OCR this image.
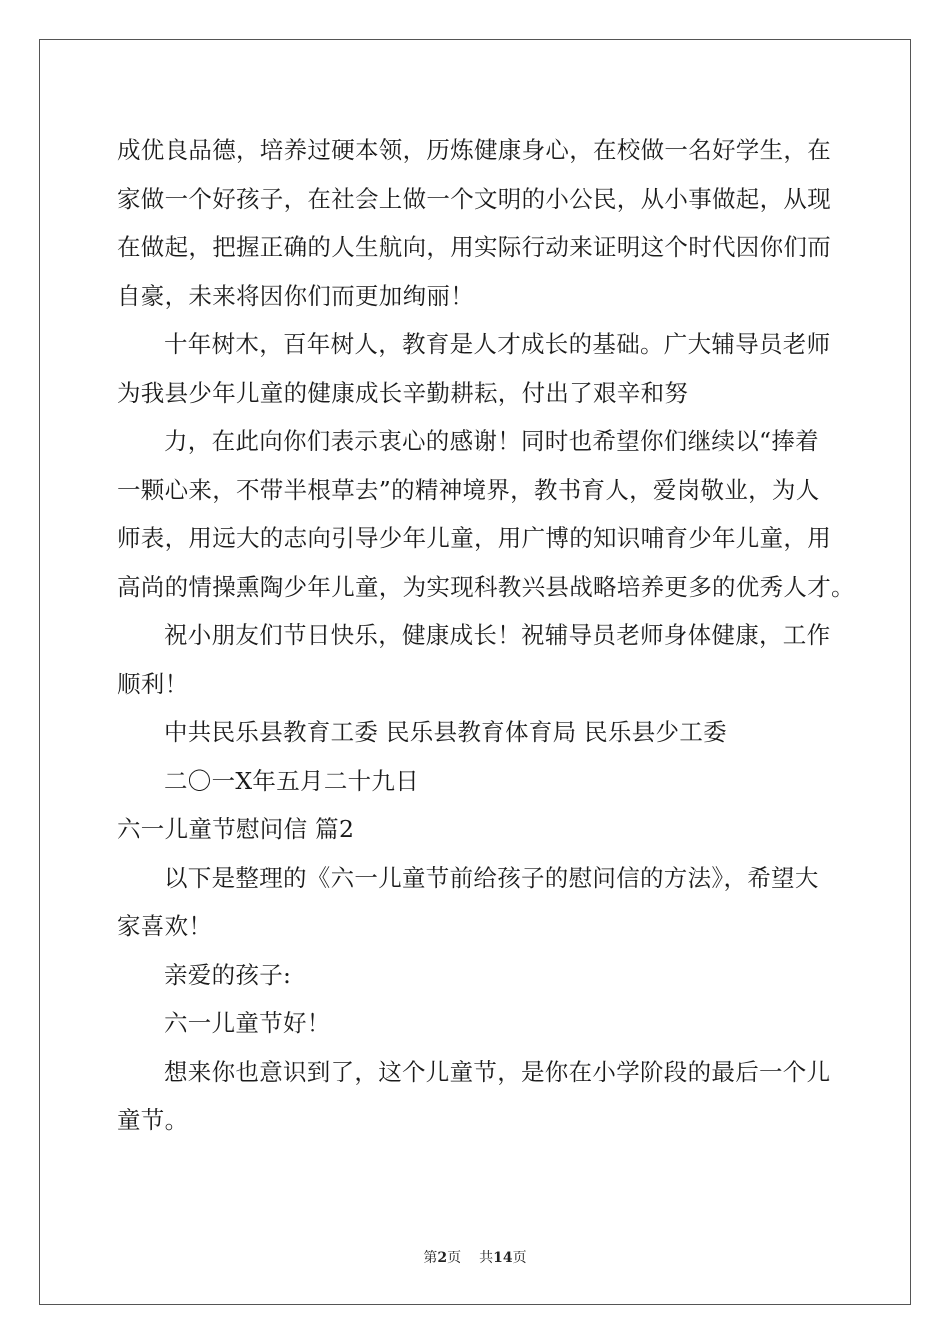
成优良品德，培养过硬本领，历炼健康身心，在校做一名好学生，在
家做一个好孩子，在社会上做一个文明的小公民，从小事做起，从现
在做起，把握正确的人生航向，用实际行动来证明这个时代因你们而
自豪，未来将因你们而更加绚丽！
十年树木，百年树人，教育是人才成长的基础。广大辅导员老师
为我县少年儿童的健康成长辛勤耕耘，付出了艰辛和努
力，在此向你们表示衷心的感谢！同时也希望你们继续以“捧着
一颗心来，不带半根草去”的精神境界，教书育人，爱岗敬业，为人
师表，用远大的志向引导少年儿童，用广博的知识哺育少年儿童，用
高尚的情操熏陶少年儿童，为实现科教兴县战略培养更多的优秀人才。
祝小朋友们节日快乐，健康成长！祝辅导员老师身体健康，工作
顺利！
中共民乐县教育工委 民乐县教育体育局 民乐县少工委
二〇一X年五月二十九日
六一儿童节慰问信 篇2
以下是整理的《六一儿童节前给孩子的慰问信的方法》，希望大
家喜欢！
亲爱的孩子:
六一儿童节好！
想来你也意识到了，这个儿童节，是你在小学阶段的最后一个儿
童节。
第2页 共14页
